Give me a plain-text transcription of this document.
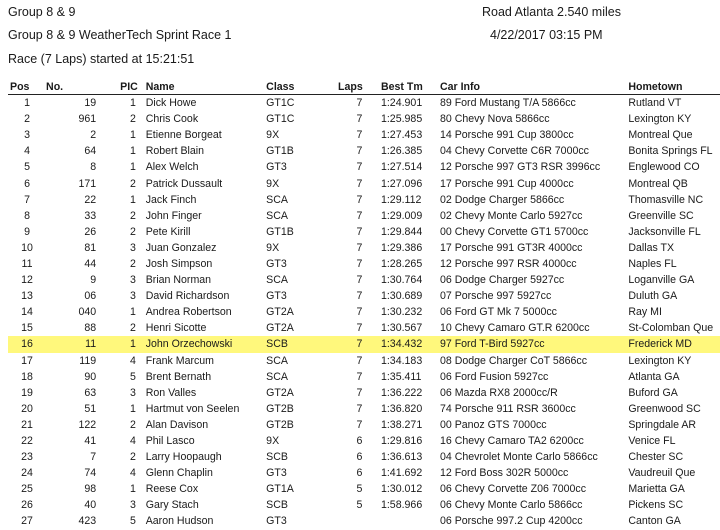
Group 8 & 9
Group 8 & 9 WeatherTech Sprint Race 1
Race (7 Laps) started at 15:21:51
Road Atlanta 2.540 miles
4/22/2017 03:15 PM
Pos	No.	PIC	Name	Class	Laps	Best Tm	Car Info	Hometown
1	19	1	Dick Howe	GT1C	7	1:24.901	89 Ford Mustang T/A 5866cc	Rutland VT
2	961	2	Chris Cook	GT1C	7	1:25.985	80 Chevy Nova 5866cc	Lexington KY
3	2	1	Etienne Borgeat	9X	7	1:27.453	14 Porsche 991 Cup 3800cc	Montreal Que
4	64	1	Robert Blain	GT1B	7	1:26.385	04 Chevy Corvette C6R 7000cc	Bonita Springs FL
5	8	1	Alex Welch	GT3	7	1:27.514	12 Porsche 997 GT3 RSR 3996cc	Englewood CO
6	171	2	Patrick Dussault	9X	7	1:27.096	17 Porsche 991 Cup 4000cc	Montreal QB
7	22	1	Jack Finch	SCA	7	1:29.112	02 Dodge Charger 5866cc	Thomasville NC
8	33	2	John Finger	SCA	7	1:29.009	02 Chevy Monte Carlo 5927cc	Greenville SC
9	26	2	Pete Kirill	GT1B	7	1:29.844	00 Chevy Corvette GT1 5700cc	Jacksonville FL
10	81	3	Juan Gonzalez	9X	7	1:29.386	17 Porsche 991 GT3R 4000cc	Dallas TX
11	44	2	Josh Simpson	GT3	7	1:28.265	12 Porsche 997 RSR 4000cc	Naples FL
12	9	3	Brian Norman	SCA	7	1:30.764	06 Dodge Charger 5927cc	Loganville GA
13	06	3	David Richardson	GT3	7	1:30.689	07 Porsche 997 5927cc	Duluth GA
14	040	1	Andrea Robertson	GT2A	7	1:30.232	06 Ford GT Mk 7 5000cc	Ray MI
15	88	2	Henri Sicotte	GT2A	7	1:30.567	10 Chevy Camaro GT.R 6200cc	St-Colomban Que
16	11	1	John Orzechowski	SCB	7	1:34.432	97 Ford T-Bird 5927cc	Frederick MD
17	119	4	Frank Marcum	SCA	7	1:34.183	08 Dodge Charger CoT 5866cc	Lexington KY
18	90	5	Brent Bernath	SCA	7	1:35.411	06 Ford Fusion 5927cc	Atlanta GA
19	63	3	Ron Valles	GT2A	7	1:36.222	06 Mazda RX8 2000cc/R	Buford GA
20	51	1	Hartmut von Seelen	GT2B	7	1:36.820	74 Porsche 911 RSR 3600cc	Greenwood SC
21	122	2	Alan Davison	GT2B	7	1:38.271	00 Panoz GTS 7000cc	Springdale AR
22	41	4	Phil Lasco	9X	6	1:29.816	16 Chevy Camaro TA2 6200cc	Venice FL
23	7	2	Larry Hoopaugh	SCB	6	1:36.613	04 Chevrolet Monte Carlo 5866cc	Chester SC
24	74	4	Glenn Chaplin	GT3	6	1:41.692	12 Ford Boss 302R 5000cc	Vaudreuil Que
25	98	1	Reese Cox	GT1A	5	1:30.012	06 Chevy Corvette Z06 7000cc	Marietta GA
26	40	3	Gary Stach	SCB	5	1:58.966	06 Chevy Monte Carlo 5866cc	Pickens SC
27	423	5	Aaron Hudson	GT3			06 Porsche 997.2 Cup 4200cc	Canton GA
